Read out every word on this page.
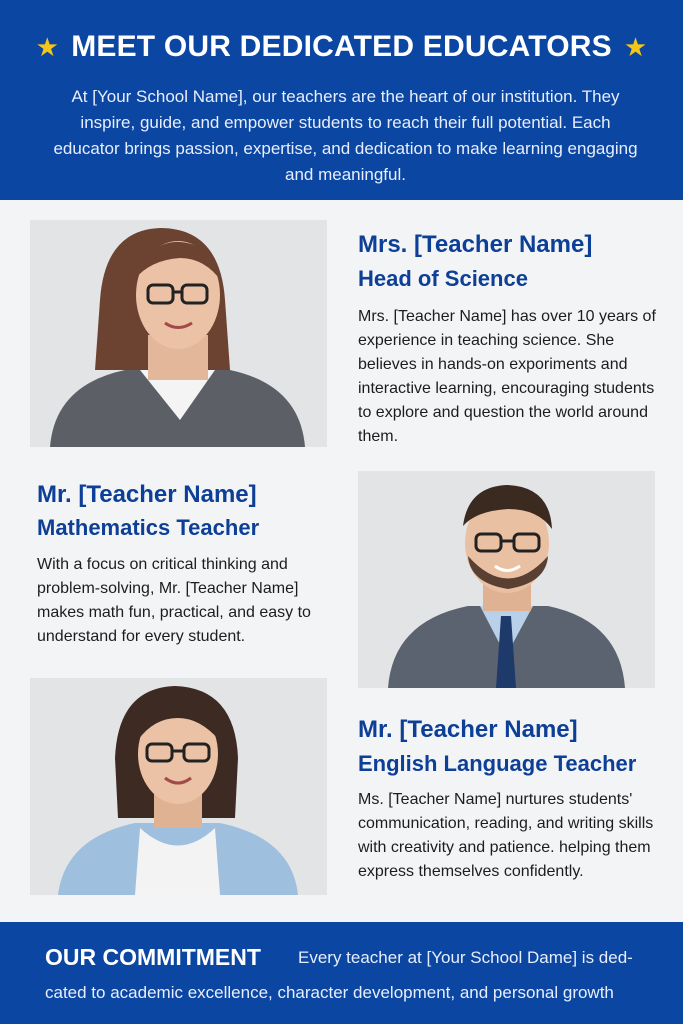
★ MEET OUR DEDICATED EDUCATORS ★

At [Your School Name], our teachers are the heart of our institution. They inspire, guide, and empower students to reach their full potential. Each educator brings passion, expertise, and dedication to make learning engaging and meaningful.

Mrs. [Teacher Name]
Head of Science

Mrs. [Teacher Name] has over 10 years of experience in teaching science. She believes in hands-on exporiments and interactive learning, encouraging students to explore and question the world around them.

Mr. [Teacher Name]
Mathematics Teacher

With a focus on critical thinking and problem-solving, Mr. [Teacher Name] makes math fun, practical, and easy to understand for every student.

Mr. [Teacher Name]
English Language Teacher

Ms. [Teacher Name] nurtures students' communication, reading, and writing skills with creativity and patience. helping them express themselves confidently.

OUR COMMITMENT Every teacher at [Your School Dame] is ded-
cated to academic excellence, character development, and personal growth
